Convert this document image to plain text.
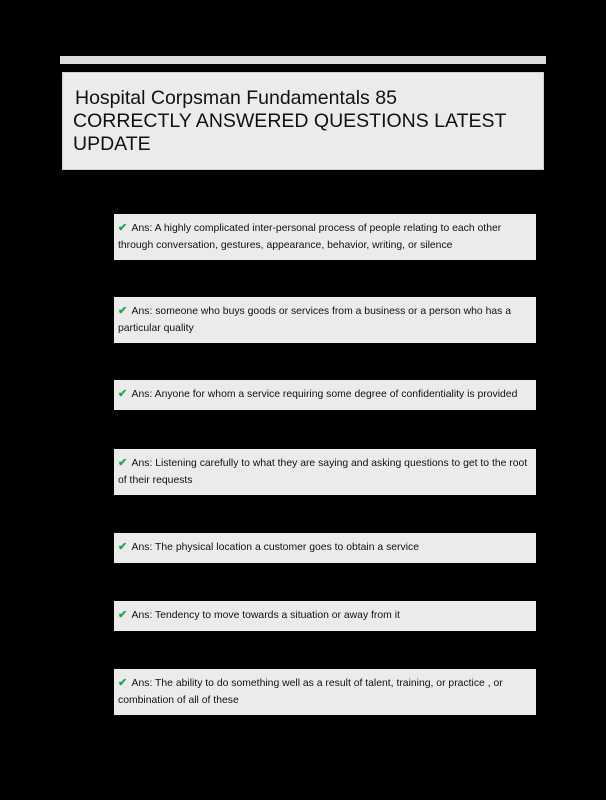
Hospital Corpsman Fundamentals 85
CORRECTLY ANSWERED QUESTIONS LATEST UPDATE
✔ Ans: A highly complicated inter-personal process of people relating to each other through conversation, gestures, appearance, behavior, writing, or silence
✔ Ans: someone who buys goods or services from a business or a person who has a particular quality
✔ Ans: Anyone for whom a service requiring some degree of confidentiality is provided
✔ Ans: Listening carefully to what they are saying and asking questions to get to the root of their requests
✔ Ans: The physical location a customer goes to obtain a service
✔ Ans: Tendency to move towards a situation or away from it
✔ Ans: The ability to do something well as a result of talent, training, or practice , or combination of all of these
